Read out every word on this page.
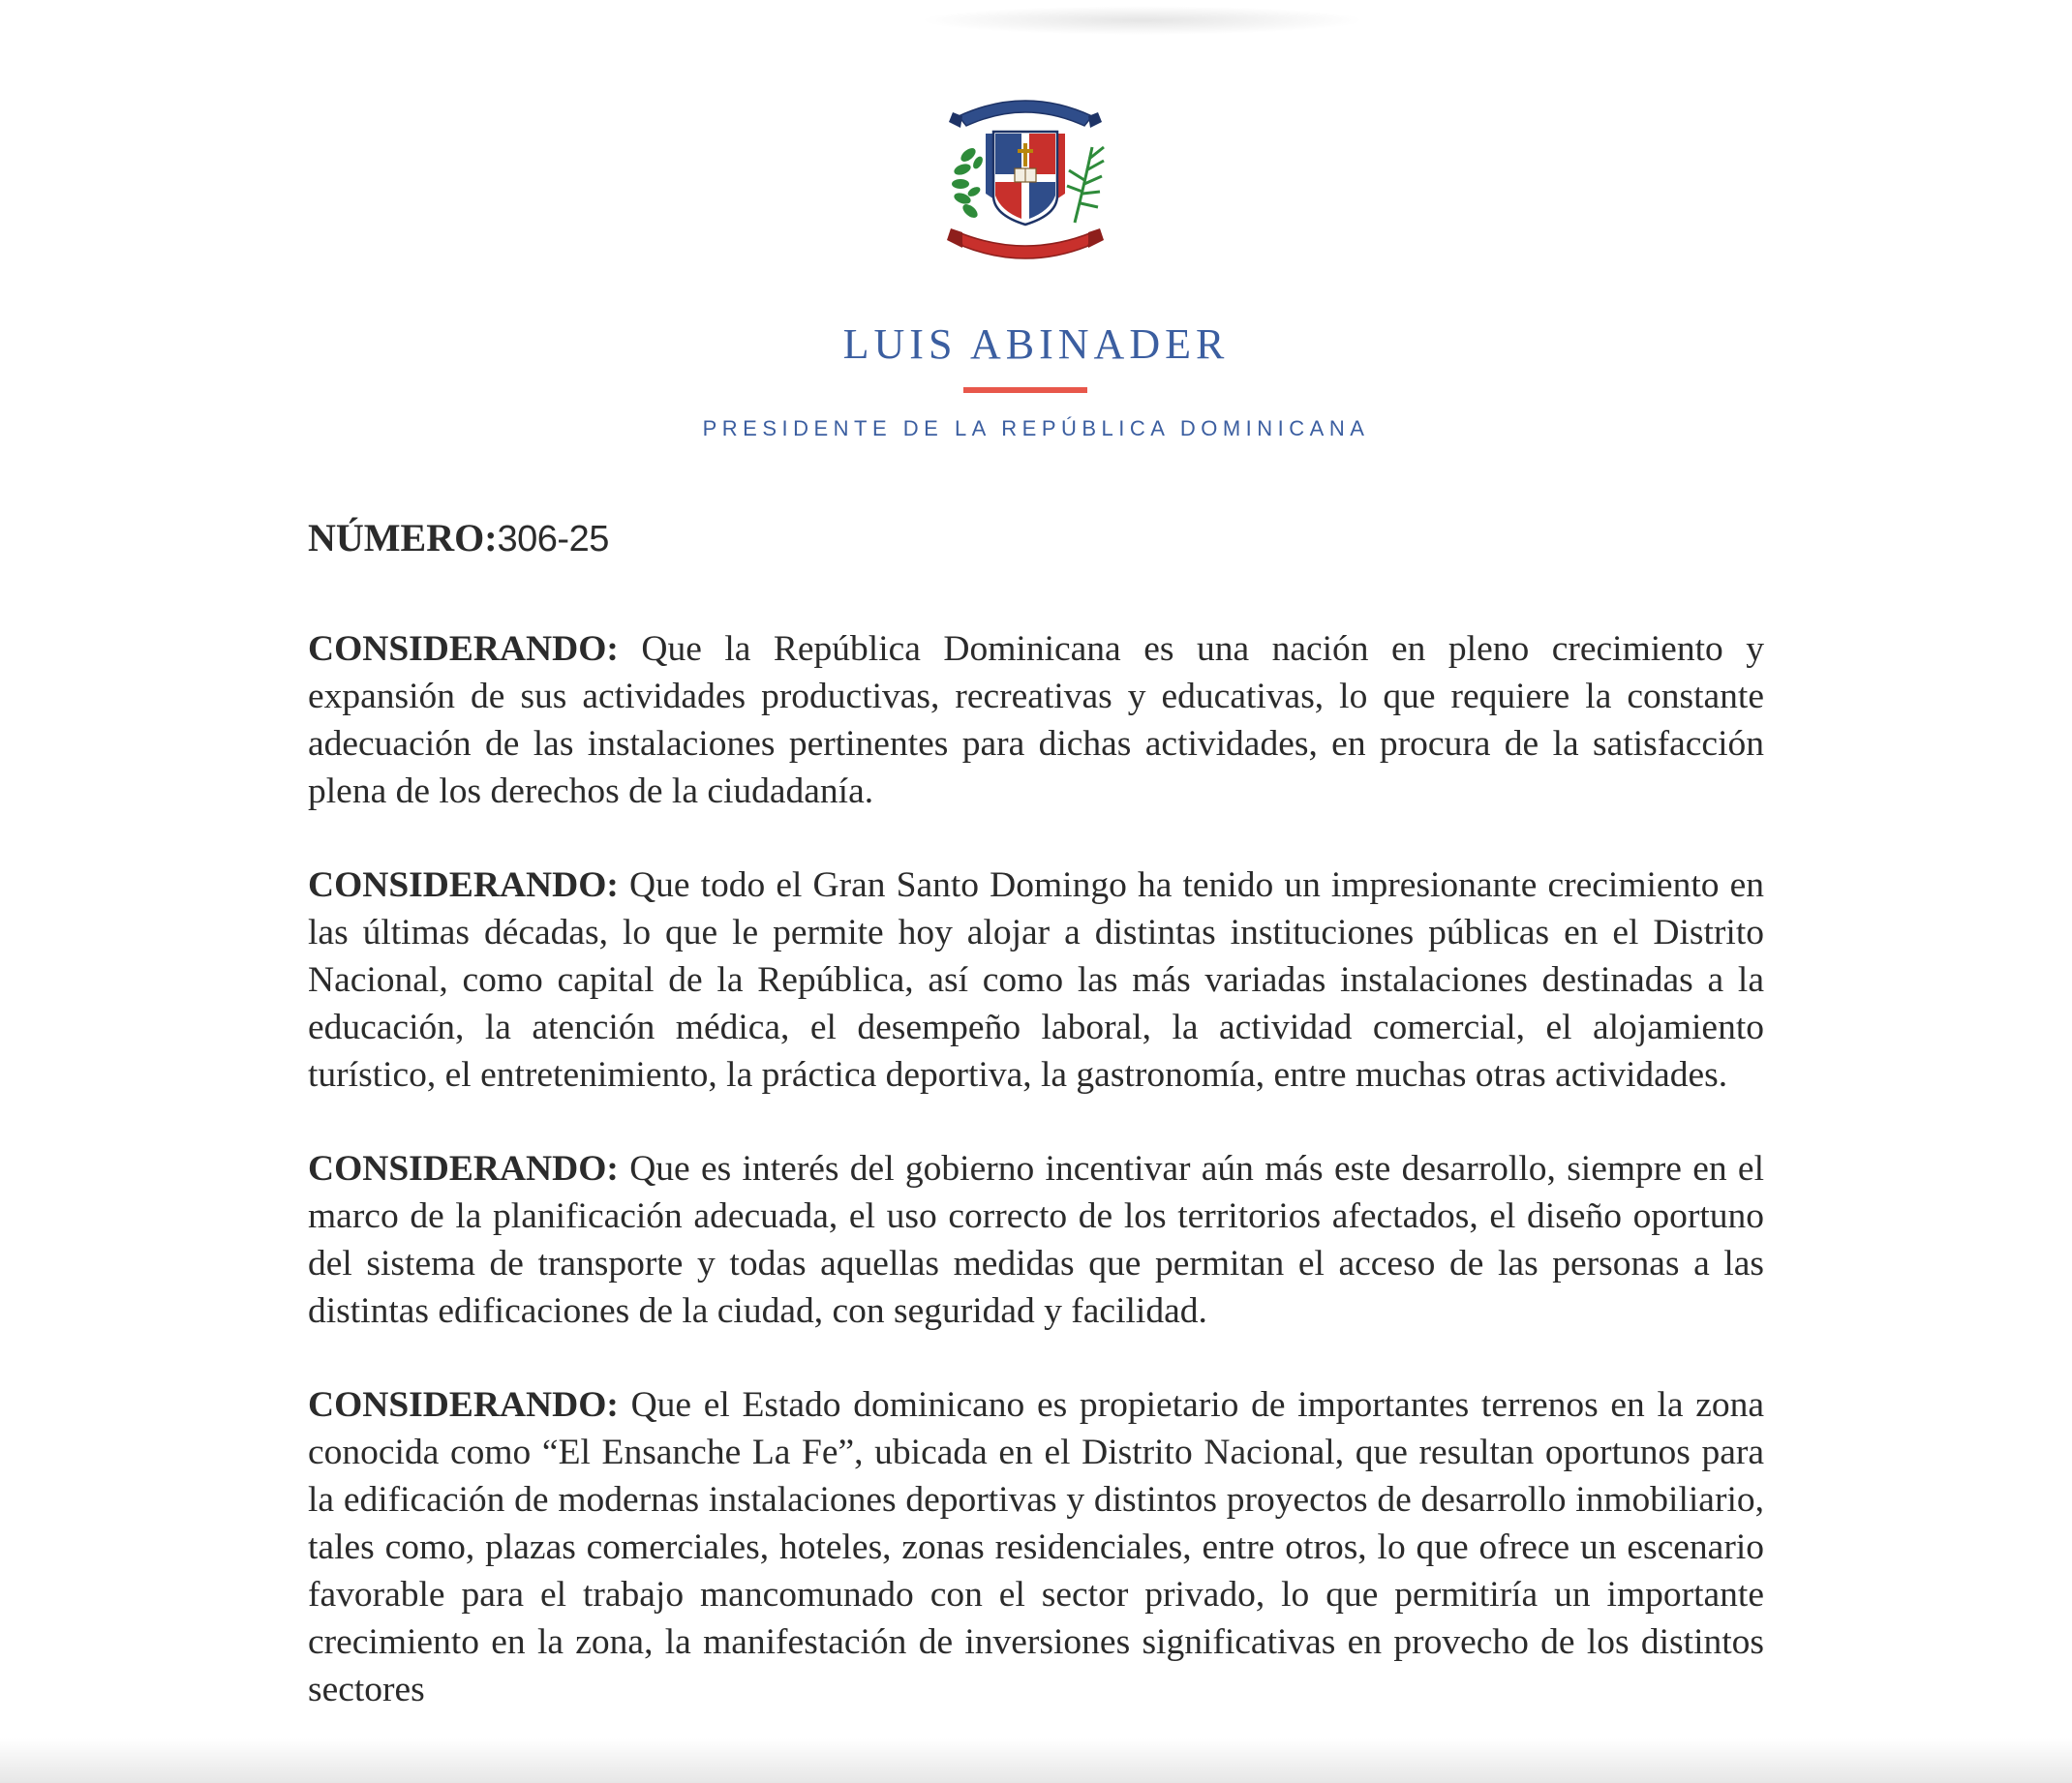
LUIS ABINADER
PRESIDENTE DE LA REPÚBLICA DOMINICANA
NÚMERO:306-25

CONSIDERANDO: Que la República Dominicana es una nación en pleno crecimiento y expansión de sus actividades productivas, recreativas y educativas, lo que requiere la constante adecuación de las instalaciones pertinentes para dichas actividades, en procura de la satisfacción plena de los derechos de la ciudadanía.

CONSIDERANDO: Que todo el Gran Santo Domingo ha tenido un impresionante crecimiento en las últimas décadas, lo que le permite hoy alojar a distintas instituciones públicas en el Distrito Nacional, como capital de la República, así como las más variadas instalaciones destinadas a la educación, la atención médica, el desempeño laboral, la actividad comercial, el alojamiento turístico, el entretenimiento, la práctica deportiva, la gastronomía, entre muchas otras actividades.

CONSIDERANDO: Que es interés del gobierno incentivar aún más este desarrollo, siempre en el marco de la planificación adecuada, el uso correcto de los territorios afectados, el diseño oportuno del sistema de transporte y todas aquellas medidas que permitan el acceso de las personas a las distintas edificaciones de la ciudad, con seguridad y facilidad.

CONSIDERANDO: Que el Estado dominicano es propietario de importantes terrenos en la zona conocida como “El Ensanche La Fe”, ubicada en el Distrito Nacional, que resultan oportunos para la edificación de modernas instalaciones deportivas y distintos proyectos de desarrollo inmobiliario, tales como, plazas comerciales, hoteles, zonas residenciales, entre otros, lo que ofrece un escenario favorable para el trabajo mancomunado con el sector privado, lo que permitiría un importante crecimiento en la zona, la manifestación de inversiones significativas en provecho de los distintos sectores
